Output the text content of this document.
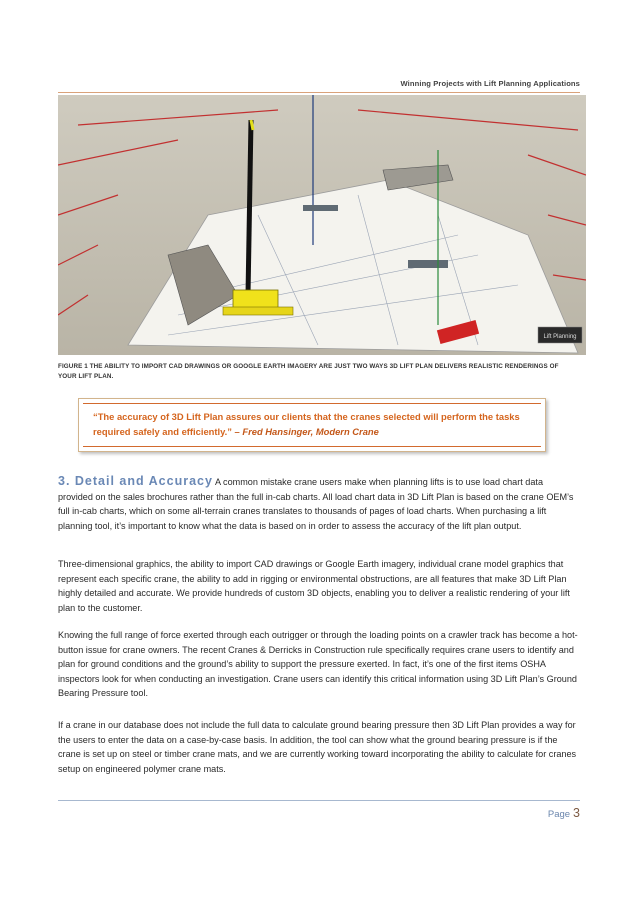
Winning Projects with Lift Planning Applications
Lift Planning
FIGURE 1 THE ABILITY TO IMPORT CAD DRAWINGS OR GOOGLE EARTH IMAGERY ARE JUST TWO WAYS 3D LIFT PLAN DELIVERS REALISTIC RENDERINGS OF YOUR LIFT PLAN.
“The accuracy of 3D Lift Plan assures our clients that the cranes selected will perform the tasks required safely and efficiently.” – Fred Hansinger, Modern Crane
3. Detail and Accuracy A common mistake crane users make when planning lifts is to use load chart data provided on the sales brochures rather than the full in-cab charts. All load chart data in 3D Lift Plan is based on the crane OEM’s full in-cab charts, which on some all-terrain cranes translates to thousands of pages of load charts. When purchasing a lift planning tool, it’s important to know what the data is based on in order to assess the accuracy of the lift plan output.
Three-dimensional graphics, the ability to import CAD drawings or Google Earth imagery, individual crane model graphics that represent each specific crane, the ability to add in rigging or environmental obstructions, are all features that make 3D Lift Plan highly detailed and accurate. We provide hundreds of custom 3D objects, enabling you to deliver a realistic rendering of your lift plan to the customer.
Knowing the full range of force exerted through each outrigger or through the loading points on a crawler track has become a hot-button issue for crane owners. The recent Cranes & Derricks in Construction rule specifically requires crane users to identify and plan for ground conditions and the ground’s ability to support the pressure exerted. In fact, it’s one of the first items OSHA inspectors look for when conducting an investigation. Crane users can identify this critical information using 3D Lift Plan’s Ground Bearing Pressure tool.
If a crane in our database does not include the full data to calculate ground bearing pressure then 3D Lift Plan provides a way for the users to enter the data on a case-by-case basis. In addition, the tool can show what the ground bearing pressure is if the crane is set up on steel or timber crane mats, and we are currently working toward incorporating the ability to calculate for cranes setup on engineered polymer crane mats.
Page 3
